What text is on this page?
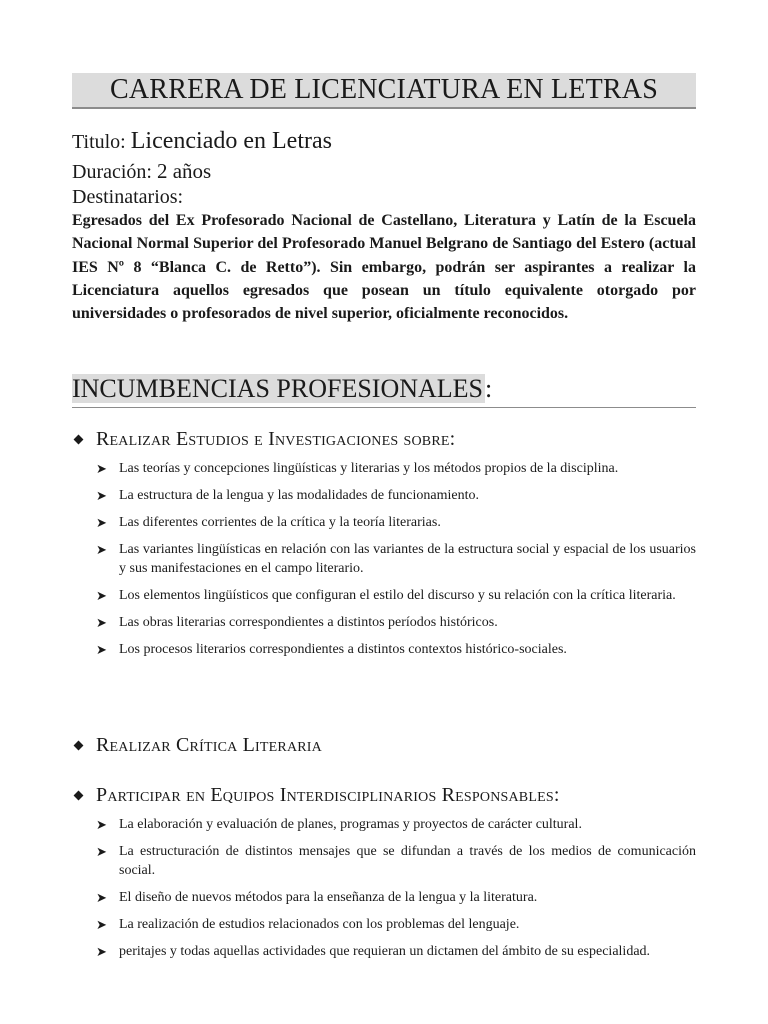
CARRERA DE LICENCIATURA EN LETRAS
Titulo: Licenciado en Letras
Duración: 2 años
Destinatarios:
Egresados del Ex Profesorado Nacional de Castellano, Literatura y Latín de la Escuela Nacional Normal Superior del Profesorado Manuel Belgrano de Santiago del Estero (actual IES Nº 8 “Blanca C. de Retto”). Sin embargo, podrán ser aspirantes a realizar la Licenciatura aquellos egresados que posean un título equivalente otorgado por universidades o profesorados de nivel superior, oficialmente reconocidos.
INCUMBENCIAS PROFESIONALES:
Realizar Estudios e Investigaciones sobre:
➤ Las teorías y concepciones lingüísticas y literarias y los métodos propios de la disciplina.
➤ La estructura de la lengua y las modalidades de funcionamiento.
➤ Las diferentes corrientes de la crítica y la teoría literarias.
➤ Las variantes lingüísticas en relación con las variantes de la estructura social y espacial de los usuarios y sus manifestaciones en el campo literario.
➤ Los elementos lingüísticos que configuran el estilo del discurso y su relación con la crítica literaria.
➤ Las obras literarias correspondientes a distintos períodos históricos.
➤ Los procesos literarios correspondientes a distintos contextos histórico-sociales.
Realizar Crítica Literaria
Participar en Equipos Interdisciplinarios Responsables:
➤ La elaboración y evaluación de planes, programas y proyectos de carácter cultural.
➤ La estructuración de distintos mensajes que se difundan a través de los medios de comunicación social.
➤ El diseño de nuevos métodos para la enseñanza de la lengua y la literatura.
➤ La realización de estudios relacionados con los problemas del lenguaje.
➤ peritajes y todas aquellas actividades que requieran un dictamen del ámbito de su especialidad.
